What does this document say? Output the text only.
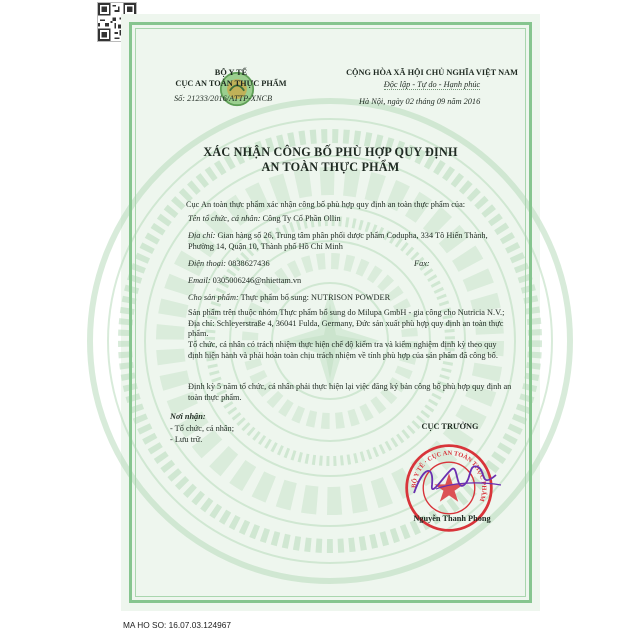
BỘ Y TẾ
CỤC AN TOÀN THỰC PHẨM
Số: 21233/2016/ATTP-XNCB
CỘNG HÒA XÃ HỘI CHỦ NGHĨA VIỆT NAM
Độc lập - Tự do - Hạnh phúc
Hà Nội, ngày 02 tháng 09 năm 2016
XÁC NHẬN CÔNG BỐ PHÙ HỢP QUY ĐỊNH
AN TOÀN THỰC PHẨM
Cục An toàn thực phẩm xác nhận công bố phù hợp quy định an toàn thực phẩm của:
Tên tổ chức, cá nhân: Công Ty Cổ Phần Ollin
Địa chỉ: Gian hàng số 26, Trung tâm phân phối dược phẩm Codupha, 334 Tô Hiến Thành, Phường 14, Quận 10, Thành phố Hồ Chí Minh
Điện thoại: 0838627436	Fax:
Email: 0305006246@nhiettam.vn
Cho sản phẩm: Thực phẩm bổ sung: NUTRISON POWDER
Sản phẩm trên thuộc nhóm Thực phẩm bổ sung do Milupa GmbH - gia công cho Nutricia N.V.; Địa chỉ: Schleyerstraße 4, 36041 Fulda, Germany, Đức sản xuất phù hợp quy định an toàn thực phẩm.
Tổ chức, cá nhân có trách nhiệm thực hiện chế độ kiểm tra và kiểm nghiệm định kỳ theo quy định hiện hành và phải hoàn toàn chịu trách nhiệm về tính phù hợp của sản phẩm đã công bố.
Định kỳ 5 năm tổ chức, cá nhân phải thực hiện lại việc đăng ký bản công bố phù hợp quy định an toàn thực phẩm.
Nơi nhận:
- Tổ chức, cá nhân;
- Lưu trữ.
CỤC TRƯỞNG
BỘ Y TẾ · CỤC AN TOÀN THỰC PHẨM
Nguyễn Thanh Phong
MA HO SO: 16.07.03.124967
